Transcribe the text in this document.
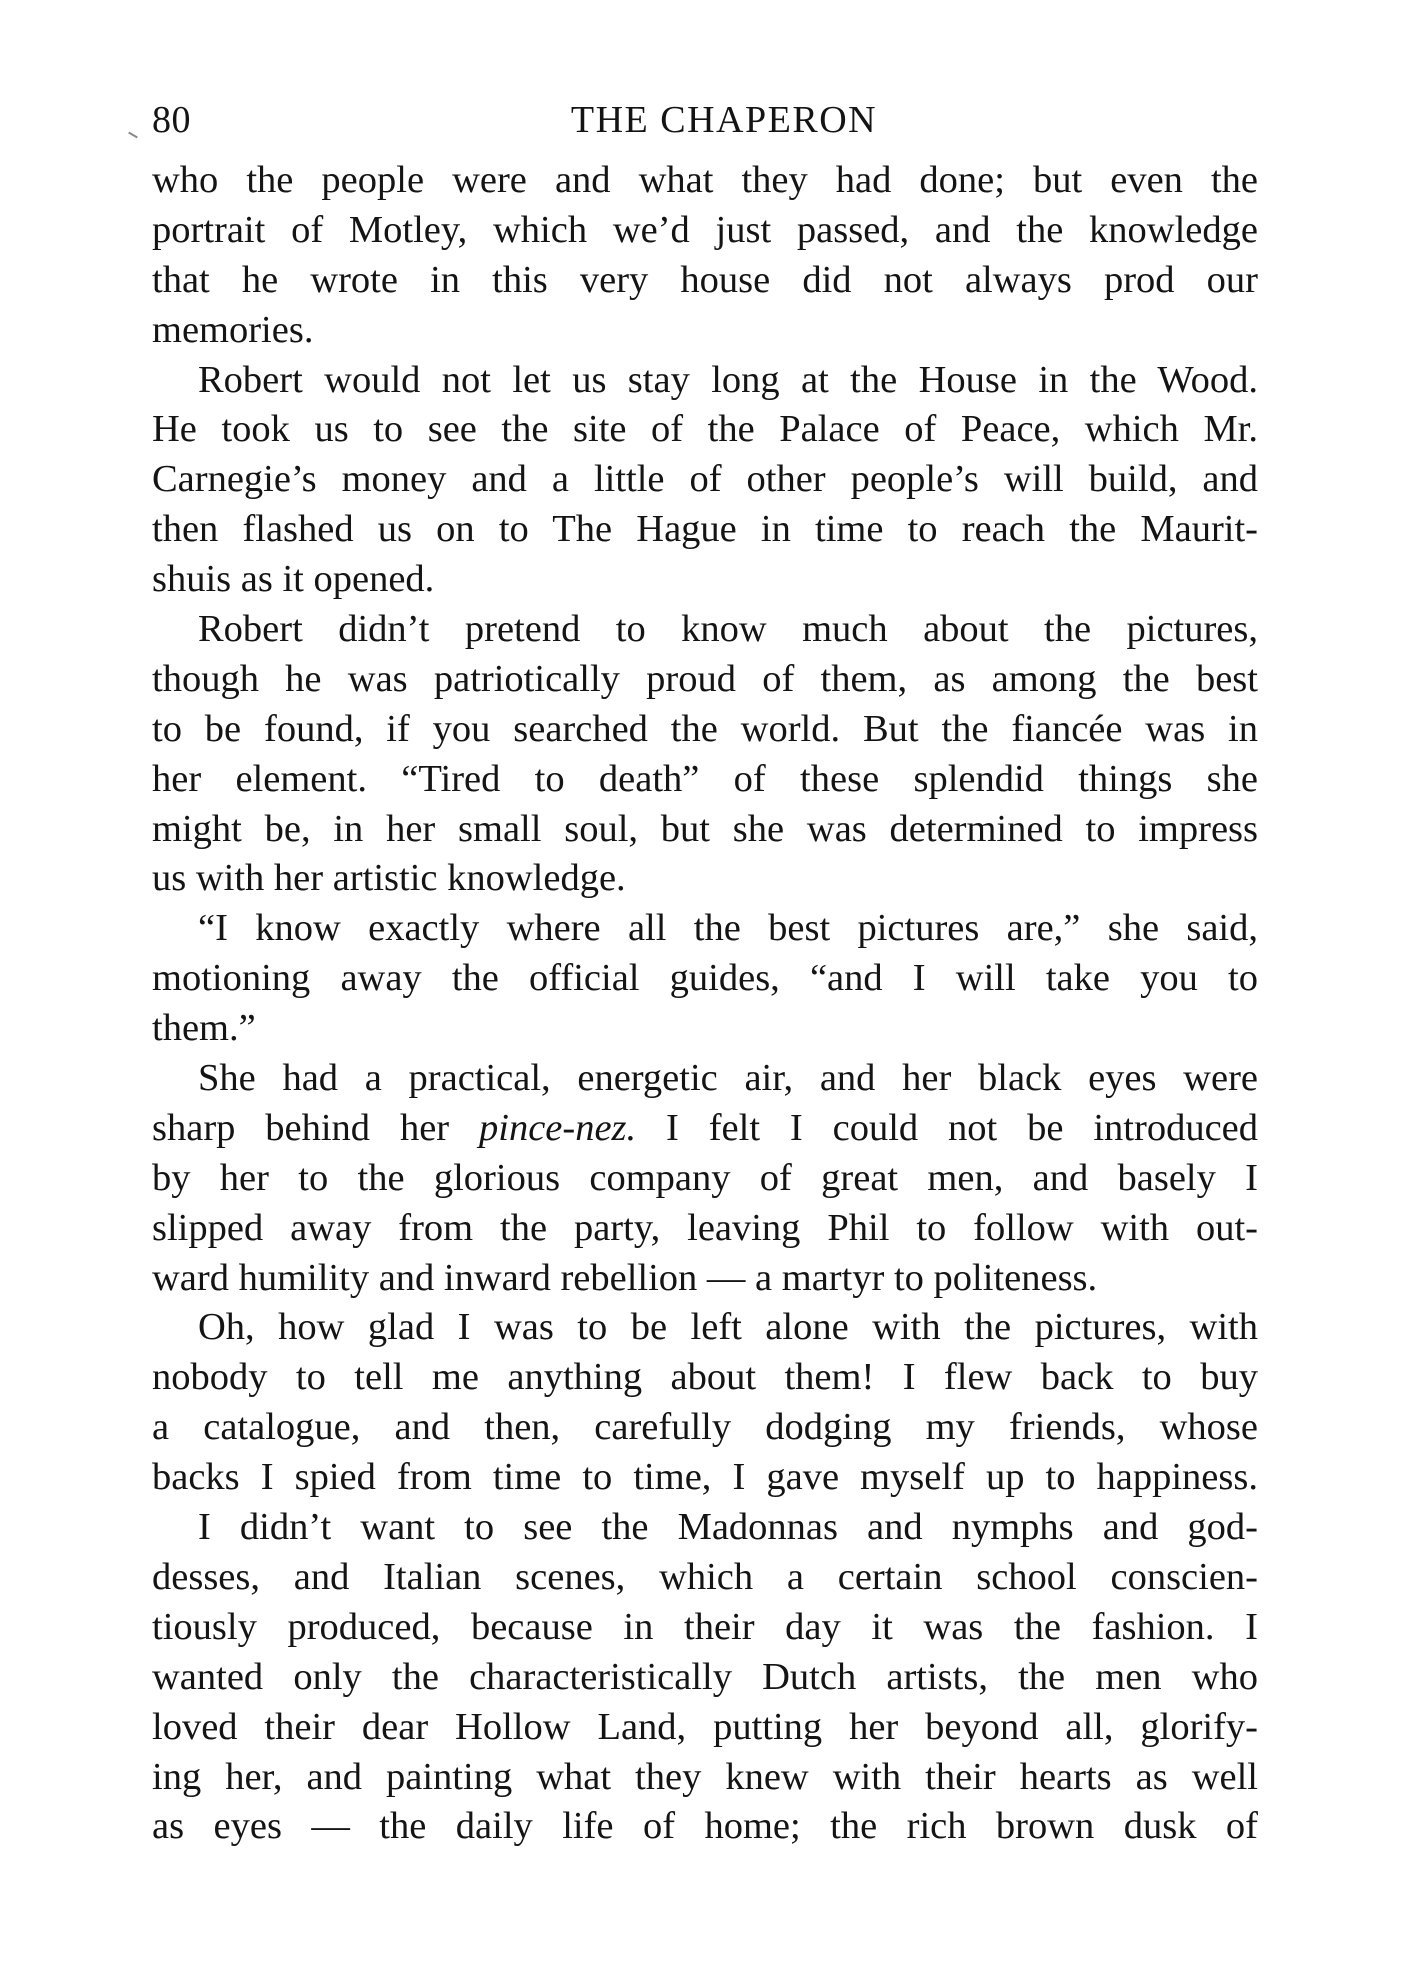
80	THE CHAPERON
who the people were and what they had done; but even the
portrait of Motley, which we’d just passed, and the knowledge
that he wrote in this very house did not always prod our
memories.
Robert would not let us stay long at the House in the Wood.
He took us to see the site of the Palace of Peace, which Mr.
Carnegie’s money and a little of other people’s will build, and
then flashed us on to The Hague in time to reach the Maurit-
shuis as it opened.
Robert didn’t pretend to know much about the pictures,
though he was patriotically proud of them, as among the best
to be found, if you searched the world. But the fiancée was in
her element. “Tired to death” of these splendid things she
might be, in her small soul, but she was determined to impress
us with her artistic knowledge.
“I know exactly where all the best pictures are,” she said,
motioning away the official guides, “and I will take you to
them.”
She had a practical, energetic air, and her black eyes were
sharp behind her pince-nez. I felt I could not be introduced
by her to the glorious company of great men, and basely I
slipped away from the party, leaving Phil to follow with out-
ward humility and inward rebellion — a martyr to politeness.
Oh, how glad I was to be left alone with the pictures, with
nobody to tell me anything about them! I flew back to buy
a catalogue, and then, carefully dodging my friends, whose
backs I spied from time to time, I gave myself up to happiness.
I didn’t want to see the Madonnas and nymphs and god-
desses, and Italian scenes, which a certain school conscien-
tiously produced, because in their day it was the fashion. I
wanted only the characteristically Dutch artists, the men who
loved their dear Hollow Land, putting her beyond all, glorify-
ing her, and painting what they knew with their hearts as well
as eyes — the daily life of home; the rich brown dusk of
